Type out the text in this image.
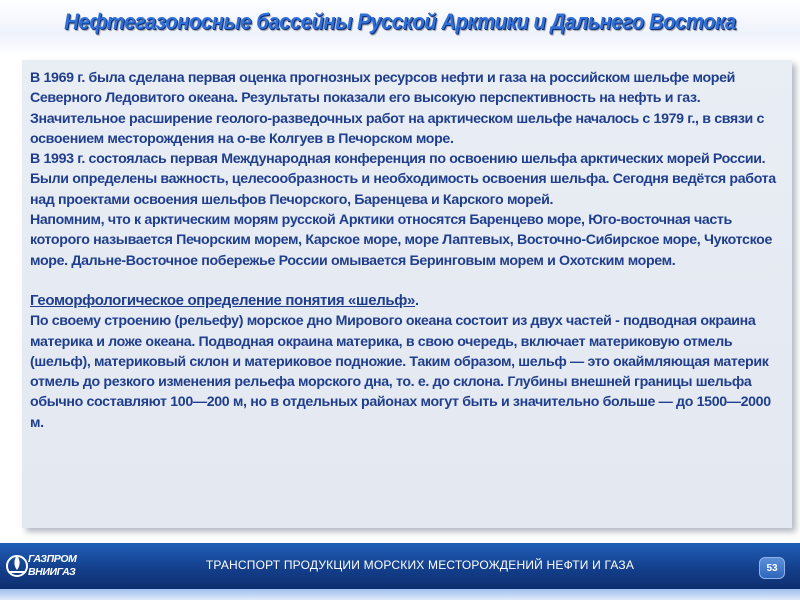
Нефтегазоносные бассейны Русской Арктики и Дальнего Востока

В 1969 г. была сделана первая оценка прогнозных ресурсов нефти и газа на российском шельфе морей Северного Ледовитого океана. Результаты показали его высокую перспективность на нефть и газ. Значительное расширение геолого-разведочных работ на арктическом шельфе началось с 1979 г., в связи с освоением месторождения на о-ве Колгуев в Печорском море.

В 1993 г. состоялась первая Международная конференция по освоению шельфа арктических морей России. Были определены важность, целесообразность и необходимость освоения шельфа. Сегодня ведётся работа над проектами освоения шельфов Печорского, Баренцева и Карского морей.

Напомним, что к арктическим морям русской Арктики относятся Баренцево море, Юго-восточная часть которого называется Печорским морем, Карское море, море Лаптевых, Восточно-Сибирское море, Чукотское море. Дальне-Восточное побережье России омывается Беринговым морем и Охотским морем.

Геоморфологическое определение понятия «шельф».

По своему строению (рельефу) морское дно Мирового океана состоит из двух частей - подводная окраина материка и ложе океана. Подводная окраина материка, в свою очередь, включает материковую отмель (шельф), материковый склон и материковое подножие. Таким образом, шельф — это окаймляющая материк отмель до резкого изменения рельефа морского дна, то. е. до склона. Глубины внешней границы шельфа обычно составляют 100—200 м, но в отдельных районах могут быть и значительно больше — до 1500—2000 м.

ГАЗПРОМ
ВНИИГАЗ	ТРАНСПОРТ ПРОДУКЦИИ МОРСКИХ МЕСТОРОЖДЕНИЙ НЕФТИ И ГАЗА	53
